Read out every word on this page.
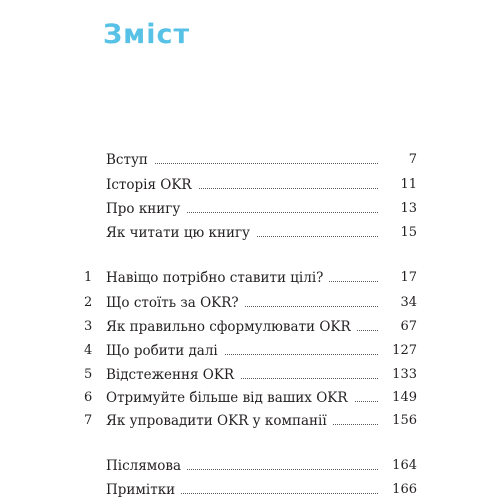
Зміст
Вступ	7
Історія OKR	11
Про книгу	13
Як читати цю книгу	15
1 Навіщо потрібно ставити цілі?	17
2 Що стоїть за OKR?	34
3 Як правильно сформулювати OKR	67
4 Що робити далі	127
5 Відстеження OKR	133
6 Отримуйте більше від ваших OKR	149
7 Як упровадити OKR у компанії	156
Післямова	164
Примітки	166
